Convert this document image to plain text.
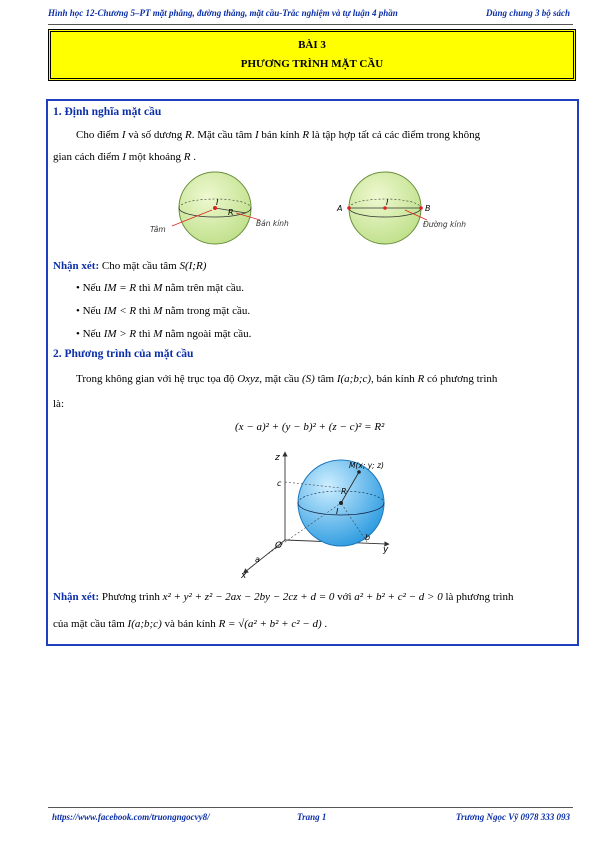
Hình học 12-Chương 5–PT mặt phẳng, đường thẳng, mặt cầu-Trắc nghiệm và tự luận 4 phần	Dùng chung 3 bộ sách
BÀI 3
PHƯƠNG TRÌNH MẶT CẦU
1. Định nghĩa mặt cầu
Cho điểm I và số dương R. Mặt cầu tâm I bán kính R là tập hợp tất cả các điểm trong không
gian cách điểm I một khoảng R .
I
R
Tâm
Bán kính
A	B
I
Đường kính
Nhận xét: Cho mặt cầu tâm S(I;R)
• Nếu IM = R thì M nằm trên mặt cầu.
• Nếu IM < R thì M nằm trong mặt cầu.
• Nếu IM > R thì M nằm ngoài mặt cầu.
2. Phương trình của mặt cầu
Trong không gian với hệ trục tọa độ Oxyz, mặt cầu (S) tâm I(a;b;c), bán kính R có phương trình
là:
(x − a)² + (y − b)² + (z − c)² = R²
z
y
x
O
a
b
c
I
R
M(x; y; z)
Nhận xét: Phương trình x² + y² + z² − 2ax − 2by − 2cz + d = 0 với a² + b² + c² − d > 0 là phương trình
của mặt cầu tâm I(a;b;c) và bán kính R = √(a² + b² + c² − d) .
https://www.facebook.com/truongngocvy8/	Trang 1	Trương Ngọc Vỹ 0978 333 093
